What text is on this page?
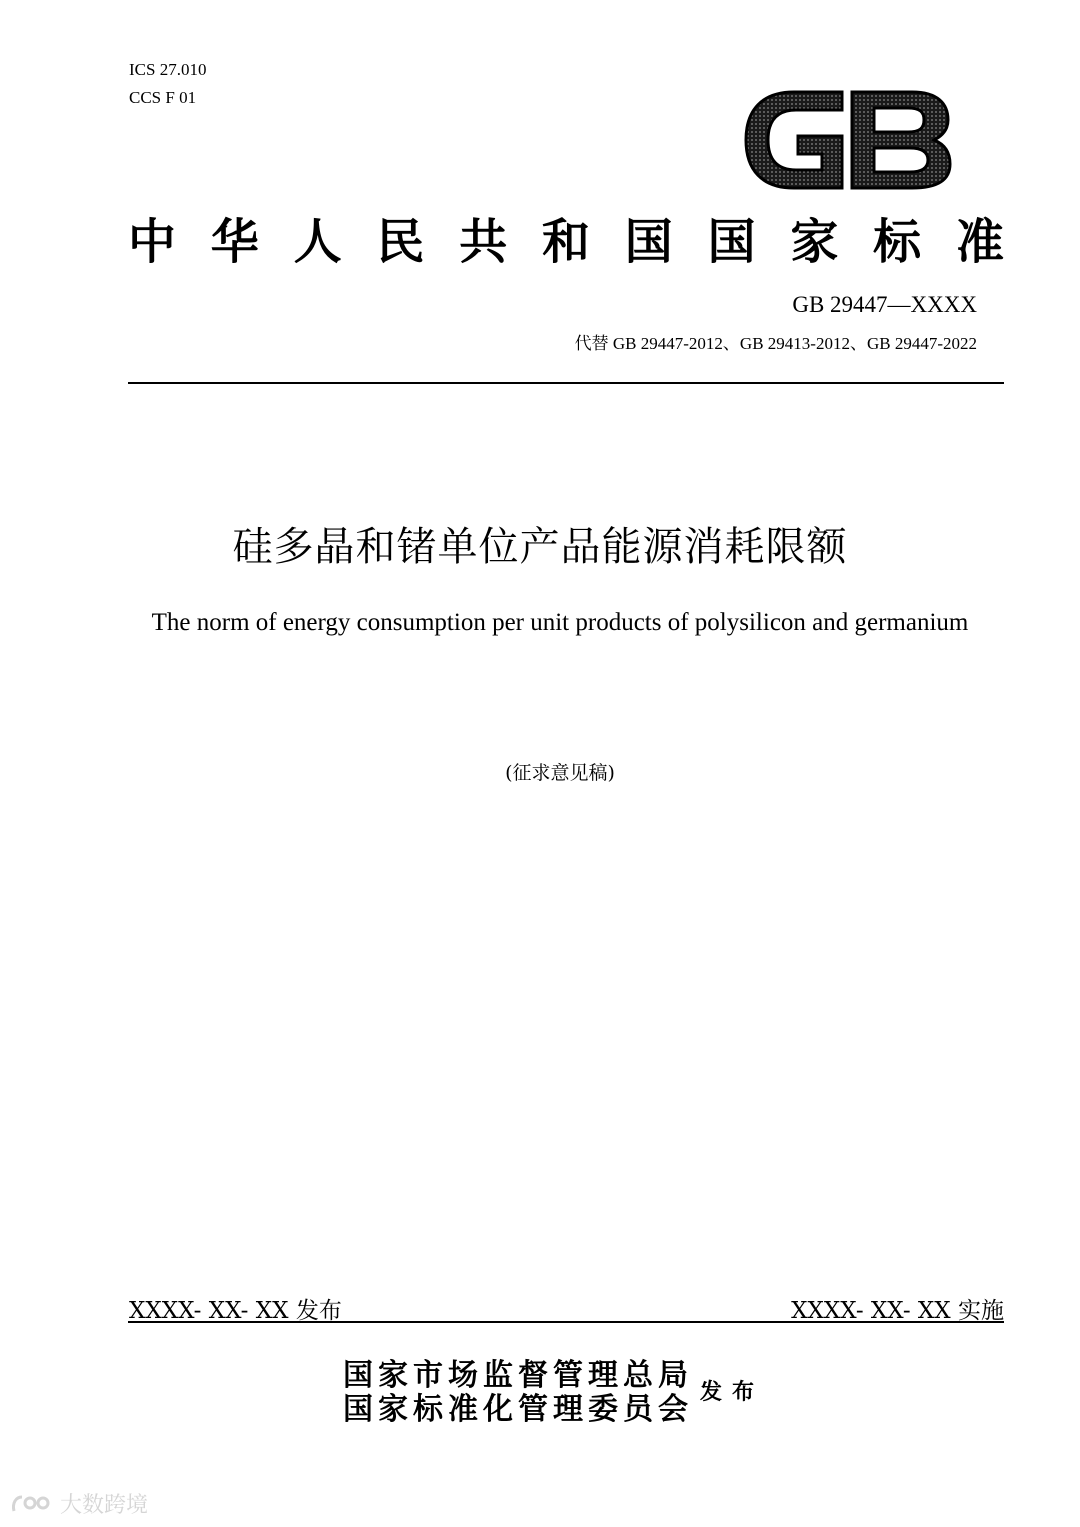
ICS 27.010
CCS F 01
中 华 人 民 共 和 国 国 家 标 准
GB 29447—XXXX
代替 GB 29447-2012、GB 29413-2012、GB 29447-2022
硅多晶和锗单位产品能源消耗限额
The norm of energy consumption per unit products of polysilicon and germanium
(征求意见稿)
XXXX- XX- XX 发布	XXXX- XX- XX 实施
国家市场监督管理总局
国家标准化管理委员会 发布
大数跨境
